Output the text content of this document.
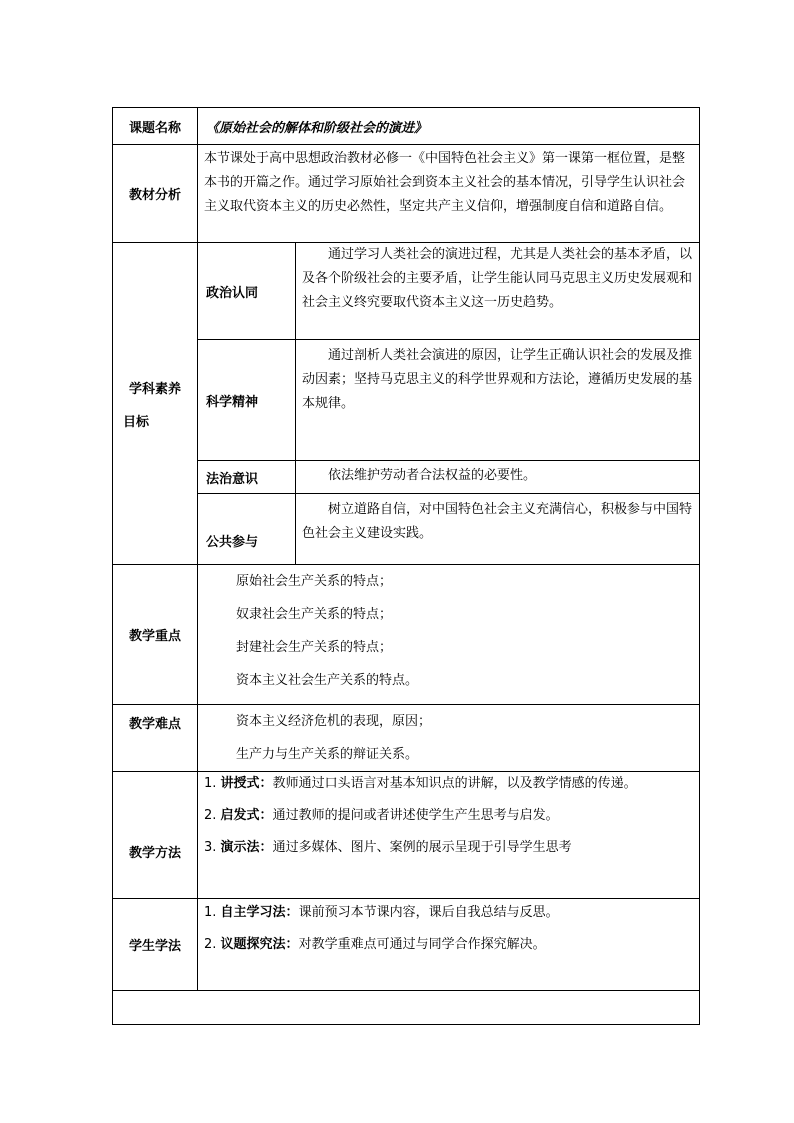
课题名称	《原始社会的解体和阶级社会的演进》	
教材分析	本节课处于高中思想政治教材必修一《中国特色社会主义》第一课第一框位置，是整本书的开篇之作。通过学习原始社会到资本主义社会的基本情况，引导学生认识社会主义取代资本主义的历史必然性，坚定共产主义信仰，增强制度自信和道路自信。	

学科素养
目标	政治认同	通过学习人类社会的演进过程，尤其是人类社会的基本矛盾，以及各个阶级社会的主要矛盾，让学生能认同马克思主义历史发展观和社会主义终究要取代资本主义这一历史趋势。
	科学精神	通过剖析人类社会演进的原因，让学生正确认识社会的发展及推动因素；坚持马克思主义的科学世界观和方法论，遵循历史发展的基本规律。
	法治意识	依法维护劳动者合法权益的必要性。
	公共参与	树立道路自信，对中国特色社会主义充满信心，积极参与中国特色社会主义建设实践。
教学重点	原始社会生产关系的特点；

奴隶社会生产关系的特点；

封建社会生产关系的特点；

资本主义社会生产关系的特点。	

教学难点	资本主义经济危机的表现，原因；

生产力与生产关系的辩证关系。	

教学方法	1. 讲授式：教师通过口头语言对基本知识点的讲解，以及教学情感的传递。

2. 启发式：通过教师的提问或者讲述使学生产生思考与启发。

3. 演示法：通过多媒体、图片、案例的展示呈现于引导学生思考	

学生学法	1. 自主学习法：课前预习本节课内容，课后自我总结与反思。

2. 议题探究法：对教学重难点可通过与同学合作探究解决。	
